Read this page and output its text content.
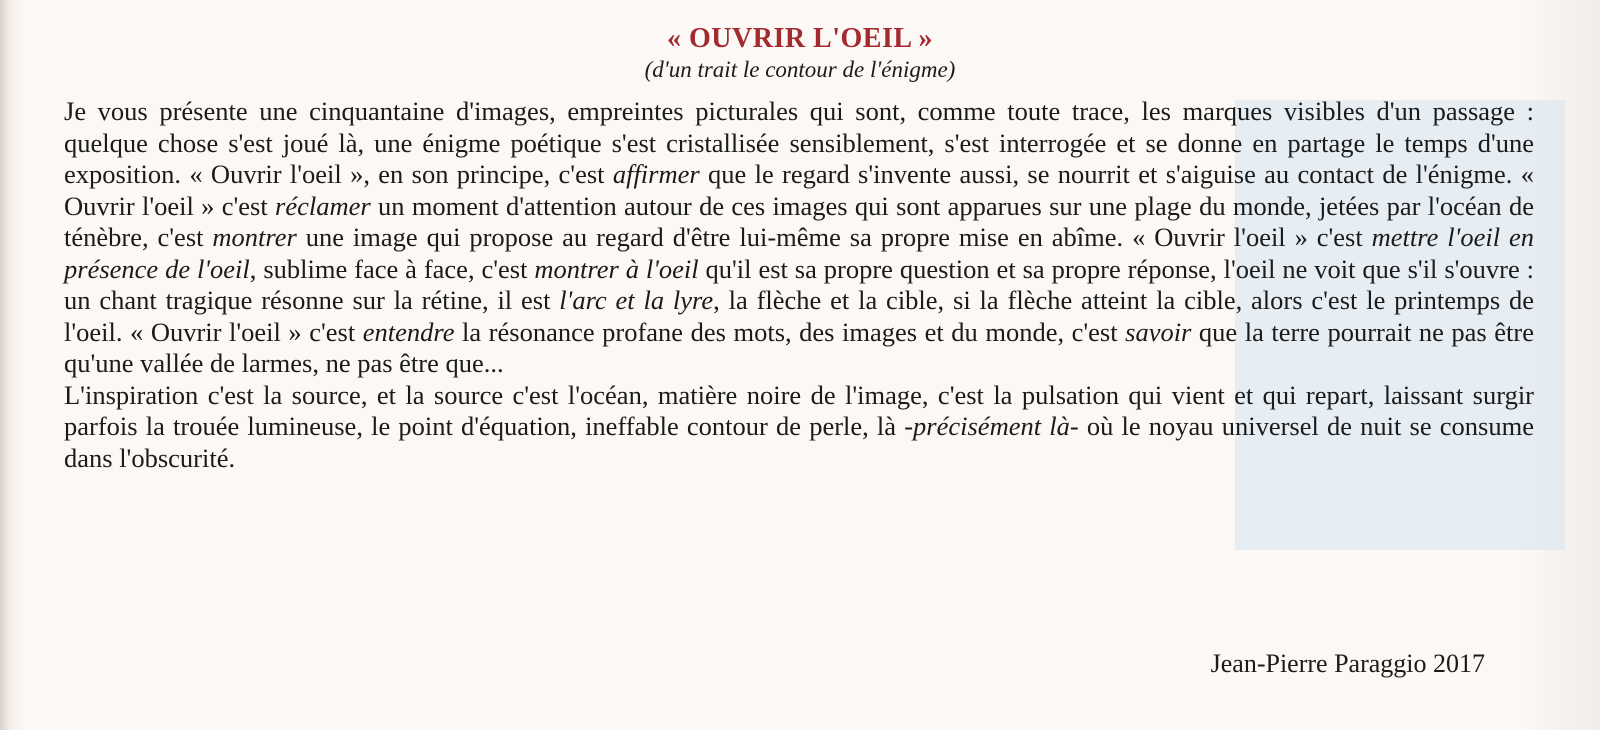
« OUVRIR L'OEIL »
(d'un trait le contour de l'énigme)

Je vous présente une cinquantaine d'images, empreintes picturales qui sont, comme toute trace, les marques visibles d'un passage : quelque chose s'est joué là, une énigme poétique s'est cristallisée sensiblement, s'est interrogée et se donne en partage le temps d'une exposition. « Ouvrir l'oeil », en son principe, c'est affirmer que le regard s'invente aussi, se nourrit et s'aiguise au contact de l'énigme. « Ouvrir l'oeil » c'est réclamer un moment d'attention autour de ces images qui sont apparues sur une plage du monde, jetées par l'océan de ténèbre, c'est montrer une image qui propose au regard d'être lui-même sa propre mise en abîme. « Ouvrir l'oeil » c'est mettre l'oeil en présence de l'oeil, sublime face à face, c'est montrer à l'oeil qu'il est sa propre question et sa propre réponse, l'oeil ne voit que s'il s'ouvre : un chant tragique résonne sur la rétine, il est l'arc et la lyre, la flèche et la cible, si la flèche atteint la cible, alors c'est le printemps de l'oeil. « Ouvrir l'oeil » c'est entendre la résonance profane des mots, des images et du monde, c'est savoir que la terre pourrait ne pas être qu'une vallée de larmes, ne pas être que...

L'inspiration c'est la source, et la source c'est l'océan, matière noire de l'image, c'est la pulsation qui vient et qui repart, laissant surgir parfois la trouée lumineuse, le point d'équation, ineffable contour de perle, là -précisément là- où le noyau universel de nuit se consume dans l'obscurité.

Jean-Pierre Paraggio 2017
